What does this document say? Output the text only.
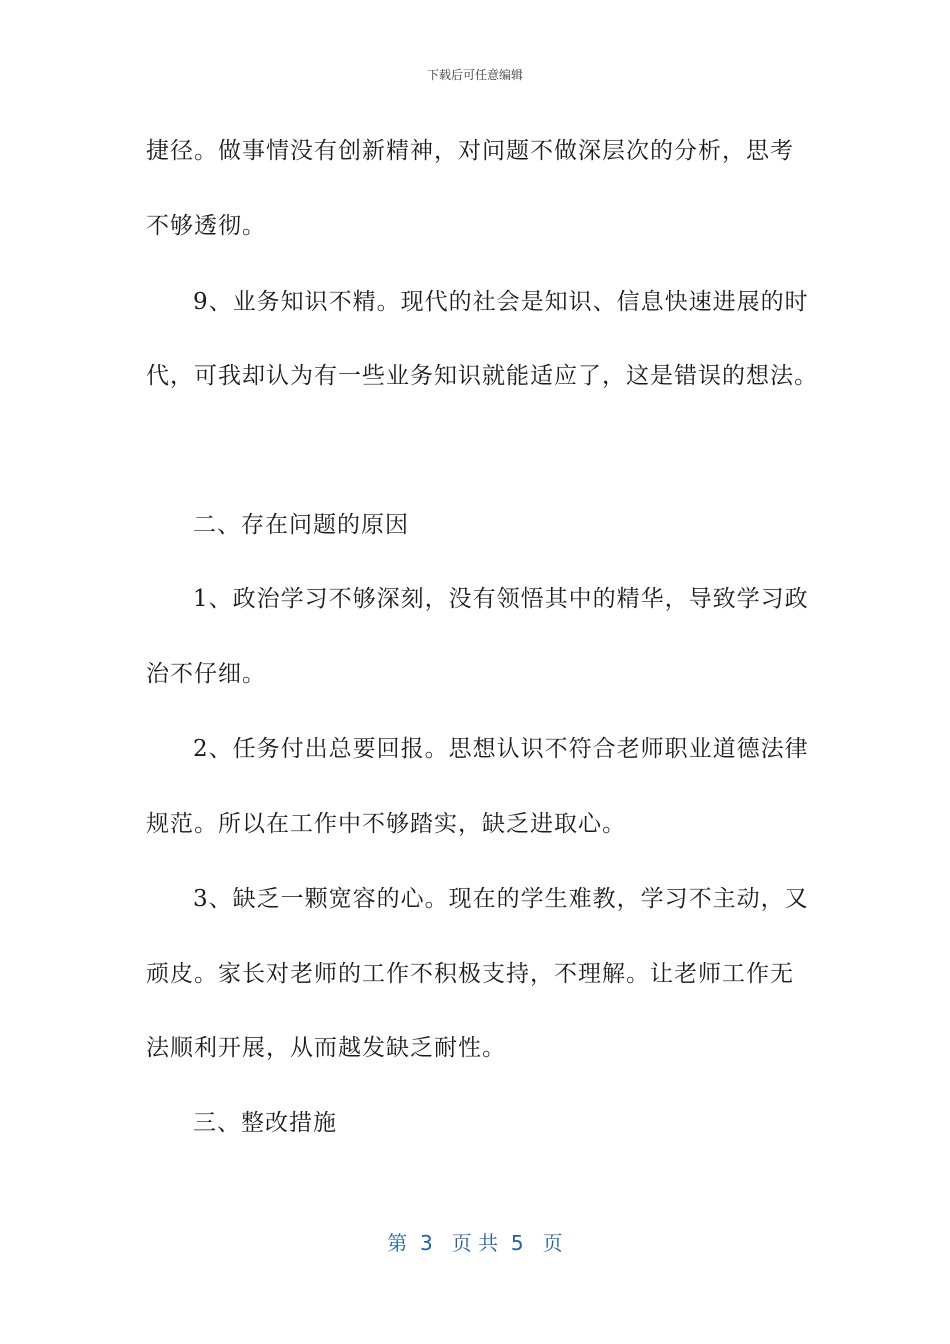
下载后可任意编辑
捷径。做事情没有创新精神，对问题不做深层次的分析，思考
不够透彻。
9、业务知识不精。现代的社会是知识、信息快速进展的时
代，可我却认为有一些业务知识就能适应了，这是错误的想法。
二、存在问题的原因
1、政治学习不够深刻，没有领悟其中的精华，导致学习政
治不仔细。
2、任务付出总要回报。思想认识不符合老师职业道德法律
规范。所以在工作中不够踏实，缺乏进取心。
3、缺乏一颗宽容的心。现在的学生难教，学习不主动，又
顽皮。家长对老师的工作不积极支持，不理解。让老师工作无
法顺利开展，从而越发缺乏耐性。
三、整改措施
第  3   页 共  5   页
